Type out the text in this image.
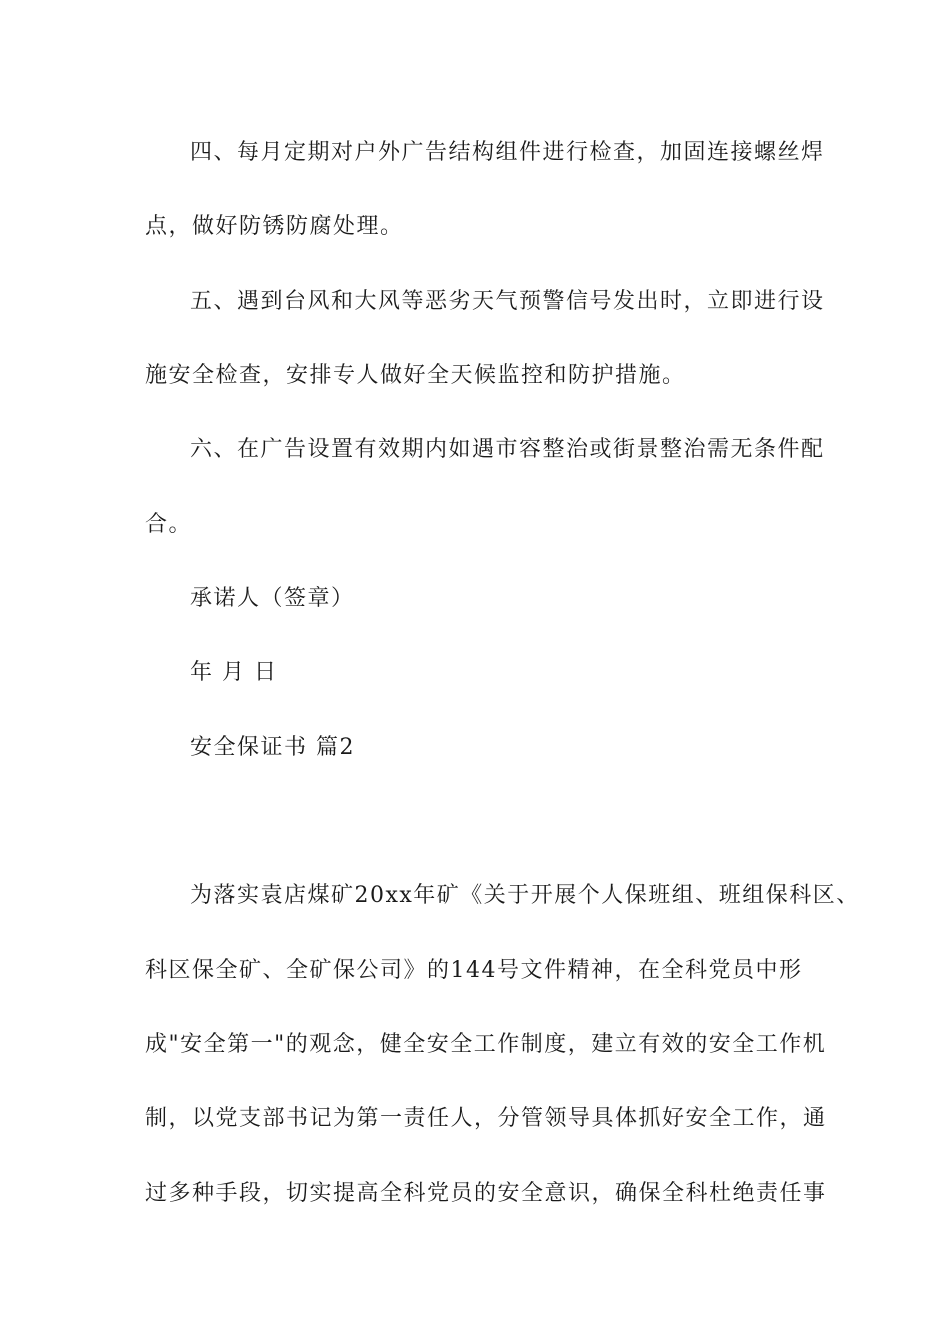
四、每月定期对户外广告结构组件进行检查，加固连接螺丝焊
点，做好防锈防腐处理。
五、遇到台风和大风等恶劣天气预警信号发出时，立即进行设
施安全检查，安排专人做好全天候监控和防护措施。
六、在广告设置有效期内如遇市容整治或街景整治需无条件配
合。
承诺人（签章）
年 月 日
安全保证书 篇2
为落实袁店煤矿20xx年矿《关于开展个人保班组、班组保科区、
科区保全矿、全矿保公司》的144号文件精神，在全科党员中形
成"安全第一"的观念，健全安全工作制度，建立有效的安全工作机
制，以党支部书记为第一责任人，分管领导具体抓好安全工作，通
过多种手段，切实提高全科党员的安全意识，确保全科杜绝责任事
